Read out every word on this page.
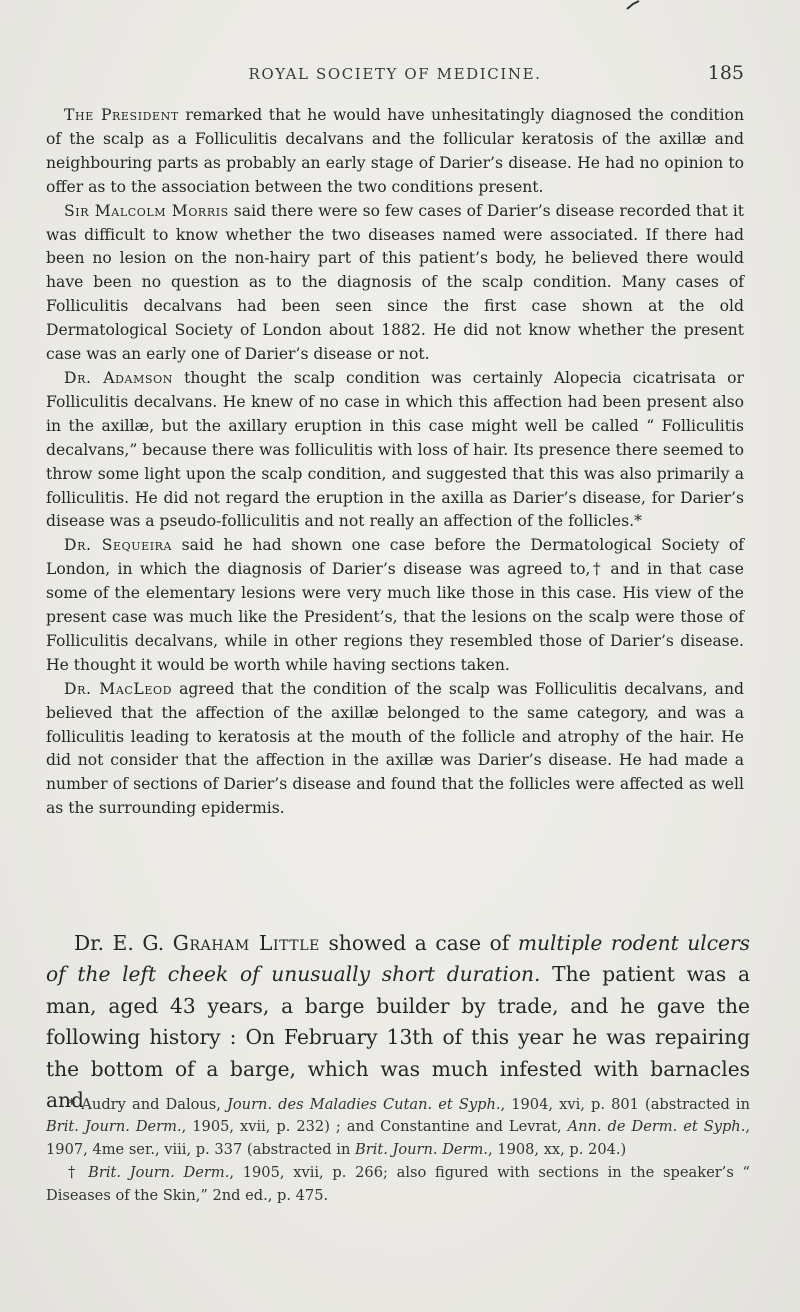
ROYAL SOCIETY OF MEDICINE.	185

The President remarked that he would have unhesitatingly diagnosed the condition of the scalp as a Folliculitis decalvans and the follicular keratosis of the axillæ and neighbouring parts as probably an early stage of Darier’s disease. He had no opinion to offer as to the association between the two conditions present.

Sir Malcolm Morris said there were so few cases of Darier’s disease recorded that it was difficult to know whether the two diseases named were associated. If there had been no lesion on the non-hairy part of this patient’s body, he believed there would have been no question as to the diagnosis of the scalp condition. Many cases of Folliculitis decalvans had been seen since the first case shown at the old Dermatological Society of London about 1882. He did not know whether the present case was an early one of Darier’s disease or not.

Dr. Adamson thought the scalp condition was certainly Alopecia cicatrisata or Folliculitis decalvans. He knew of no case in which this affection had been present also in the axillæ, but the axillary eruption in this case might well be called “ Folliculitis decalvans,” because there was folliculitis with loss of hair. Its presence there seemed to throw some light upon the scalp condition, and suggested that this was also primarily a folliculitis. He did not regard the eruption in the axilla as Darier’s disease, for Darier’s disease was a pseudo-folliculitis and not really an affection of the follicles.*

Dr. Sequeira said he had shown one case before the Dermatological Society of London, in which the diagnosis of Darier’s disease was agreed to,† and in that case some of the elementary lesions were very much like those in this case. His view of the present case was much like the President’s, that the lesions on the scalp were those of Folliculitis decalvans, while in other regions they resembled those of Darier’s disease. He thought it would be worth while having sections taken.

Dr. MacLeod agreed that the condition of the scalp was Folliculitis decalvans, and believed that the affection of the axillæ belonged to the same category, and was a folliculitis leading to keratosis at the mouth of the follicle and atrophy of the hair. He did not consider that the affection in the axillæ was Darier’s disease. He had made a number of sections of Darier’s disease and found that the follicles were affected as well as the surrounding epidermis.

Dr. E. G. Graham Little showed a case of multiple rodent ulcers of the left cheek of unusually short duration. The patient was a man, aged 43 years, a barge builder by trade, and he gave the following history : On February 13th of this year he was repairing the bottom of a barge, which was much infested with barnacles and

* Audry and Dalous, Journ. des Maladies Cutan. et Syph., 1904, xvi, p. 801 (abstracted in Brit. Journ. Derm., 1905, xvii, p. 232) ; and Constantine and Levrat, Ann. de Derm. et Syph., 1907, 4me ser., viii, p. 337 (abstracted in Brit. Journ. Derm., 1908, xx, p. 204.)

† Brit. Journ. Derm., 1905, xvii, p. 266; also figured with sections in the speaker’s “ Diseases of the Skin,” 2nd ed., p. 475.
